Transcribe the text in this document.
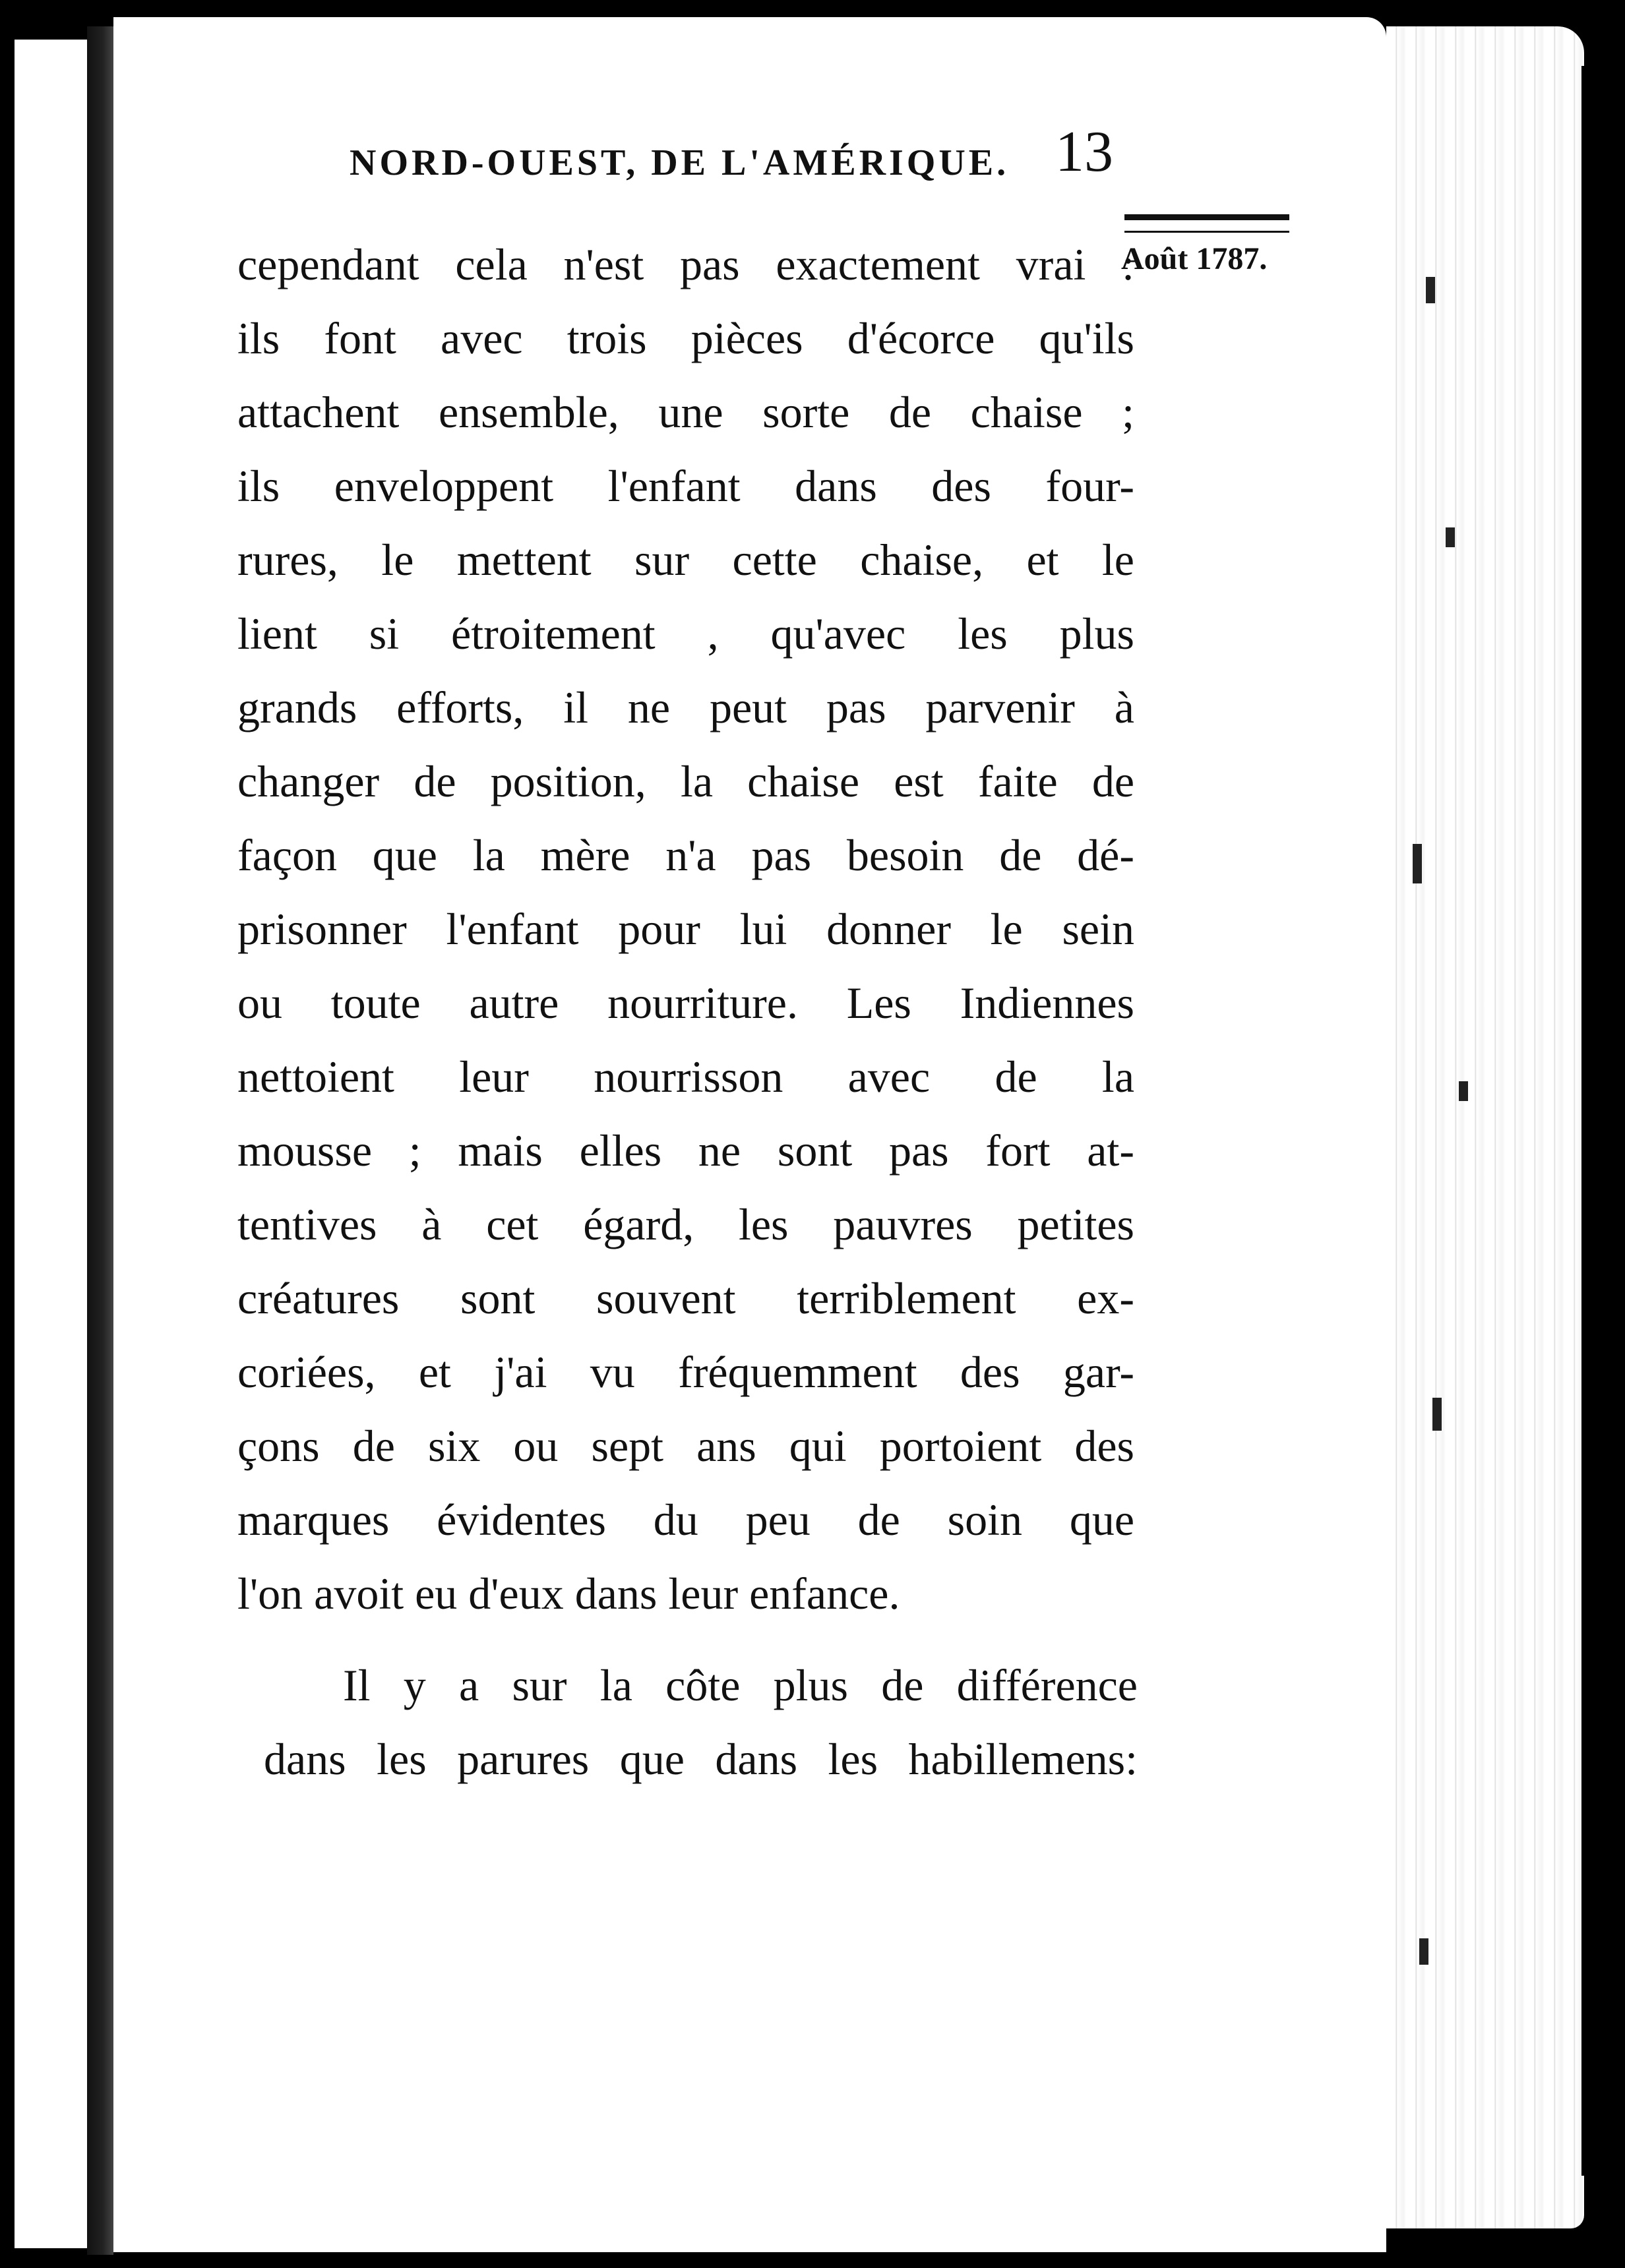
NORD-OUEST, DE L'AMÉRIQUE. 13
Août 1787.
cependant cela n'est pas exactement vrai :
ils font avec trois pièces d'écorce qu'ils
attachent ensemble, une sorte de chaise ;
ils enveloppent l'enfant dans des four-
rures, le mettent sur cette chaise, et le
lient si étroitement , qu'avec les plus
grands efforts, il ne peut pas parvenir à
changer de position, la chaise est faite de
façon que la mère n'a pas besoin de dé-
prisonner l'enfant pour lui donner le sein
ou toute autre nourriture. Les Indiennes
nettoient leur nourrisson avec de la
mousse ; mais elles ne sont pas fort at-
tentives à cet égard, les pauvres petites
créatures sont souvent terriblement ex-
coriées, et j'ai vu fréquemment des gar-
çons de six ou sept ans qui portoient des
marques évidentes du peu de soin que
l'on avoit eu d'eux dans leur enfance.
Il y a sur la côte plus de différence
dans les parures que dans les habillemens:
